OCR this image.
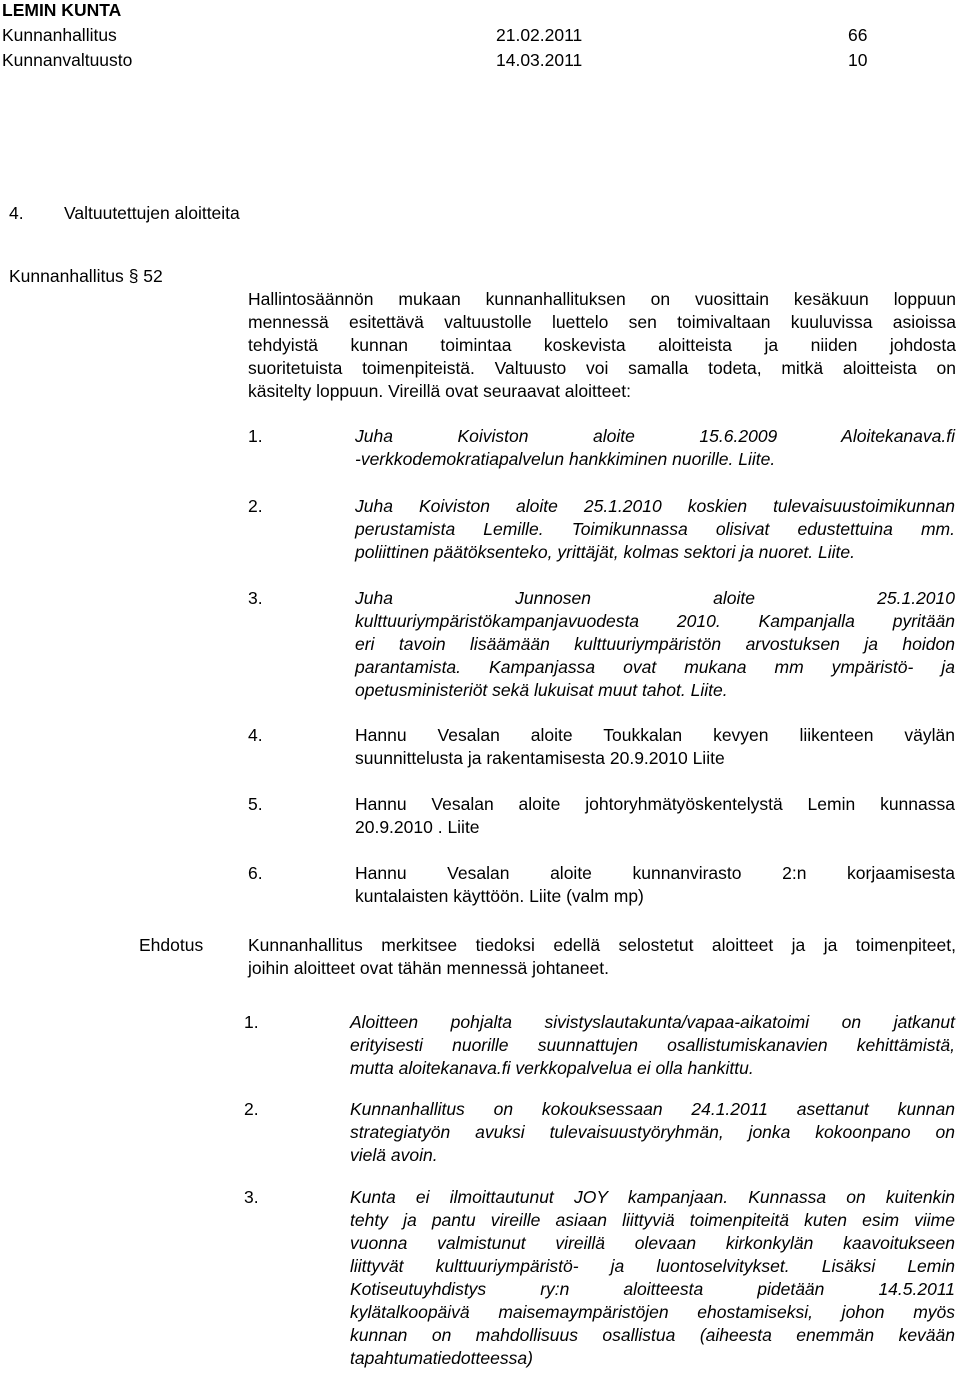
LEMIN KUNTA
Kunnanhallitus	21.02.2011	66
Kunnanvaltuusto	14.03.2011	10
4. Valtuutettujen aloitteita
Kunnanhallitus § 52
Hallintosäännön mukaan kunnanhallituksen on vuosittain kesäkuun loppuun
mennessä esitettävä valtuustolle luettelo sen toimivaltaan kuuluvissa asioissa
tehdyistä kunnan toimintaa koskevista aloitteista ja niiden johdosta
suoritetuista toimenpiteistä. Valtuusto voi samalla todeta, mitkä aloitteista on
käsitelty loppuun. Vireillä ovat seuraavat aloitteet:
1.	Juha Koiviston aloite 15.6.2009 Aloitekanava.fi
-verkkodemokratiapalvelun hankkiminen nuorille. Liite.
2.	Juha Koiviston aloite 25.1.2010 koskien tulevaisuustoimikunnan
perustamista Lemille. Toimikunnassa olisivat edustettuina mm.
poliittinen päätöksenteko, yrittäjät, kolmas sektori ja nuoret. Liite.
3.	Juha Junnosen aloite 25.1.2010
kulttuuriympäristökampanjavuodesta 2010. Kampanjalla pyritään
eri tavoin lisäämään kulttuuriympäristön arvostuksen ja hoidon
parantamista. Kampanjassa ovat mukana mm ympäristö- ja
opetusministeriöt sekä lukuisat muut tahot. Liite.
4.	Hannu Vesalan aloite Toukkalan kevyen liikenteen väylän
suunnittelusta ja rakentamisesta 20.9.2010 Liite
5.	Hannu Vesalan aloite johtoryhmätyöskentelystä Lemin kunnassa
20.9.2010 . Liite
6.	Hannu Vesalan aloite kunnanvirasto 2:n korjaamisesta
kuntalaisten käyttöön. Liite (valm mp)
Ehdotus	Kunnanhallitus merkitsee tiedoksi edellä selostetut aloitteet ja ja toimenpiteet,
joihin aloitteet ovat tähän mennessä johtaneet.
1.	Aloitteen pohjalta sivistyslautakunta/vapaa-aikatoimi on jatkanut
erityisesti nuorille suunnattujen osallistumiskanavien kehittämistä,
mutta aloitekanava.fi verkkopalvelua ei olla hankittu.
2.	Kunnanhallitus on kokouksessaan 24.1.2011 asettanut kunnan
strategiatyön avuksi tulevaisuustyöryhmän, jonka kokoonpano on
vielä avoin.
3.	Kunta ei ilmoittautunut JOY kampanjaan. Kunnassa on kuitenkin
tehty ja pantu vireille asiaan liittyviä toimenpiteitä kuten esim viime
vuonna valmistunut vireillä olevaan kirkonkylän kaavoitukseen
liittyvät kulttuuriympäristö- ja luontoselvitykset. Lisäksi Lemin
Kotiseutuyhdistys ry:n aloitteesta pidetään 14.5.2011
kylätalkoopäivä maisemaympäristöjen ehostamiseksi, johon myös
kunnan on mahdollisuus osallistua (aiheesta enemmän kevään
tapahtumatiedotteessa)
